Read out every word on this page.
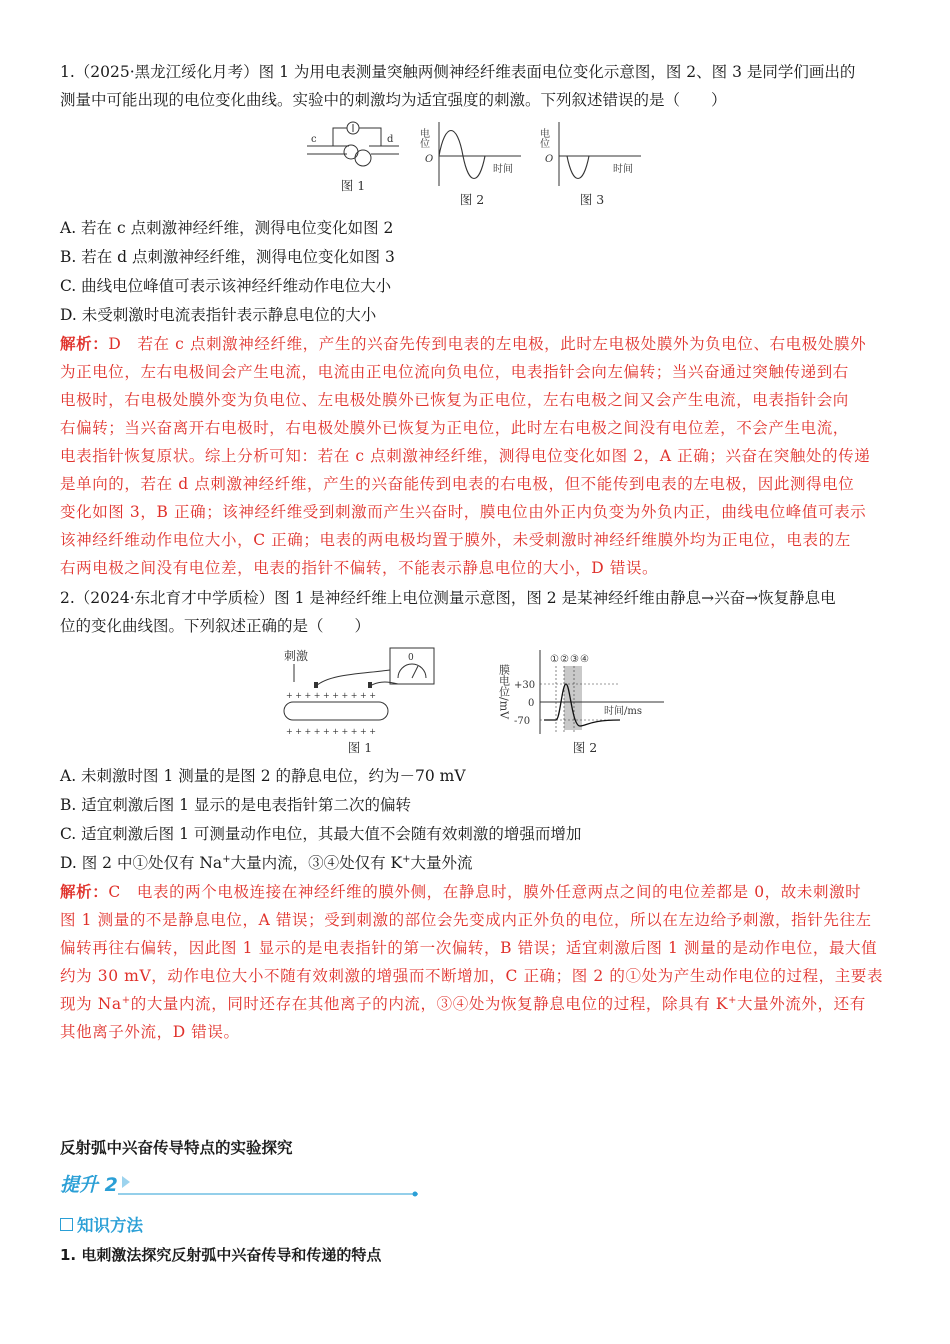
1.（2025·黑龙江绥化月考）图 1 为用电表测量突触两侧神经纤维表面电位变化示意图，图 2、图 3 是同学们画出的
测量中可能出现的电位变化曲线。实验中的刺激均为适宜强度的刺激。下列叙述错误的是（　　）
c	d
图 1
电位
O
时间
图 2
电位
O
时间
图 3
A. 若在 c 点刺激神经纤维，测得电位变化如图 2
B. 若在 d 点刺激神经纤维，测得电位变化如图 3
C. 曲线电位峰值可表示该神经纤维动作电位大小
D. 未受刺激时电流表指针表示静息电位的大小
解析：D　若在 c 点刺激神经纤维，产生的兴奋先传到电表的左电极，此时左电极处膜外为负电位、右电极处膜外
为正电位，左右电极间会产生电流，电流由正电位流向负电位，电表指针会向左偏转；当兴奋通过突触传递到右
电极时，右电极处膜外变为负电位、左电极处膜外已恢复为正电位，左右电极之间又会产生电流，电表指针会向
右偏转；当兴奋离开右电极时，右电极处膜外已恢复为正电位，此时左右电极之间没有电位差，不会产生电流，
电表指针恢复原状。综上分析可知：若在 c 点刺激神经纤维，测得电位变化如图 2，A 正确；兴奋在突触处的传递
是单向的，若在 d 点刺激神经纤维，产生的兴奋能传到电表的右电极，但不能传到电表的左电极，因此测得电位
变化如图 3，B 正确；该神经纤维受到刺激而产生兴奋时，膜电位由外正内负变为外负内正，曲线电位峰值可表示
该神经纤维动作电位大小，C 正确；电表的两电极均置于膜外，未受刺激时神经纤维膜外均为正电位，电表的左
右两电极之间没有电位差，电表的指针不偏转，不能表示静息电位的大小，D 错误。
2.（2024·东北育才中学质检）图 1 是神经纤维上电位测量示意图，图 2 是某神经纤维由静息→兴奋→恢复静息电
位的变化曲线图。下列叙述正确的是（　　）
刺激	0
+ + + + + + + + + +
+ + + + + + + + + +
图 1
膜电位/mV +30
0
-70
① ② ③ ④
时间/ms
图 2
A. 未刺激时图 1 测量的是图 2 的静息电位，约为－70 mV
B. 适宜刺激后图 1 显示的是电表指针第二次的偏转
C. 适宜刺激后图 1 可测量动作电位，其最大值不会随有效刺激的增强而增加
D. 图 2 中①处仅有 Na+大量内流，③④处仅有 K+大量外流
解析：C　电表的两个电极连接在神经纤维的膜外侧，在静息时，膜外任意两点之间的电位差都是 0，故未刺激时
图 1 测量的不是静息电位，A 错误；受到刺激的部位会先变成内正外负的电位，所以在左边给予刺激，指针先往左
偏转再往右偏转，因此图 1 显示的是电表指针的第一次偏转，B 错误；适宜刺激后图 1 测量的是动作电位，最大值
约为 30 mV，动作电位大小不随有效刺激的增强而不断增加，C 正确；图 2 的①处为产生动作电位的过程，主要表
现为 Na+的大量内流，同时还存在其他离子的内流，③④处为恢复静息电位的过程，除具有 K+大量外流外，还有
其他离子外流，D 错误。
反射弧中兴奋传导特点的实验探究
提升 2
知识方法
1. 电刺激法探究反射弧中兴奋传导和传递的特点
